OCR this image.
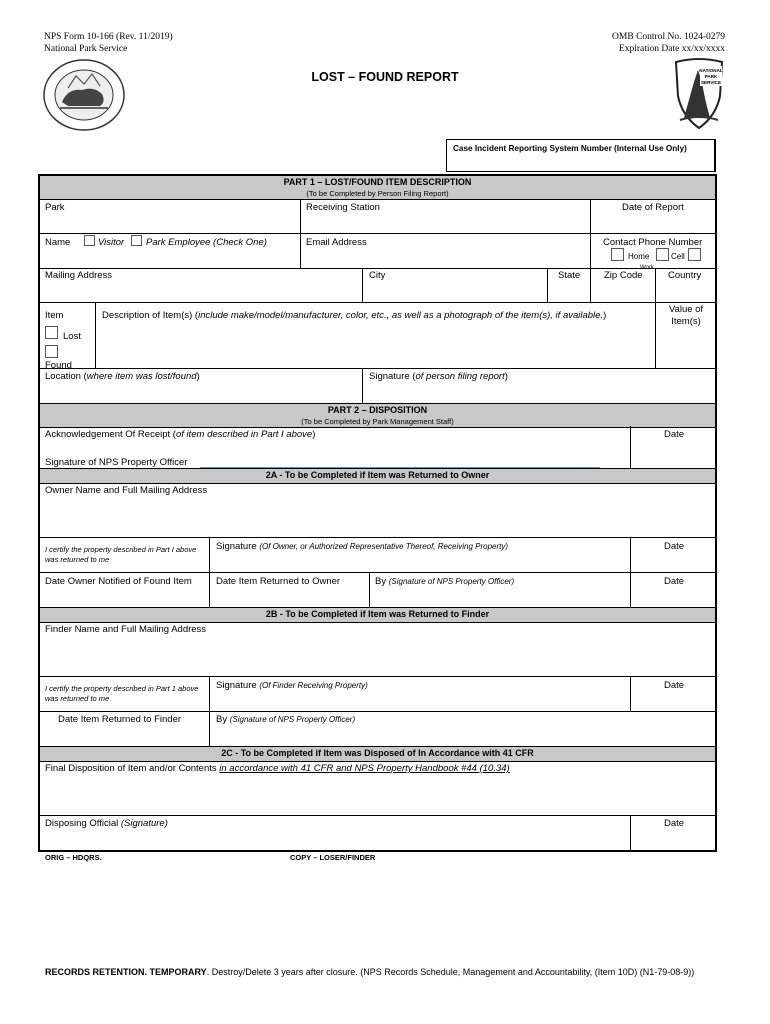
NPS Form 10-166 (Rev. 11/2019)
National Park Service
OMB Control No. 1024-0279
Expiration Date xx/xx/xxxx
LOST – FOUND REPORT	NATIONAL
PARK
SERVICE
Case Incident Reporting System Number (Internal Use Only)
PART 1 – LOST/FOUND ITEM DESCRIPTION
(To be Completed by Person Filing Report)
Park	Receiving Station	Date of Report
Name	Visitor Park Employee (Check One)	Email Address	Contact Phone Number
Home	Cell
Work
Mailing Address	City	State	Zip Code	Country
Item
Lost
Found
Description of Item(s) (include make/model/manufacturer, color, etc., as well as a photograph of the item(s), if available.)
Value of Item(s)
Location (where item was lost/found)	Signature (of person filing report)
PART 2 – DISPOSITION
(To be Completed by Park Management Staff)
Acknowledgement Of Receipt (of item described in Part I above)	Date
Signature of NPS Property Officer
2A - To be Completed if Item was Returned to Owner
Owner Name and Full Mailing Address
I certify the property described in Part I above was returned to me
Signature (Of Owner, or Authorized Representative Thereof, Receiving Property)	Date
Date Owner Notified of Found Item	Date Item Returned to Owner	By (Signature of NPS Property Officer)	Date
2B - To be Completed if Item was Returned to Finder
Finder Name and Full Mailing Address
I certify the property described in Part 1 above was returned to me
Signature (Of Finder Receiving Property)	Date
Date Item Returned to Finder	By (Signature of NPS Property Officer)
2C - To be Completed if Item was Disposed of In Accordance with 41 CFR
Final Disposition of Item and/or Contents in accordance with 41 CFR and NPS Property Handbook #44 (10.34)
Disposing Official (Signature)	Date
ORIG – HDQRS.	COPY – LOSER/FINDER
RECORDS RETENTION. TEMPORARY. Destroy/Delete 3 years after closure. (NPS Records Schedule, Management and Accountability, (Item 10D) (N1-79-08-9))
